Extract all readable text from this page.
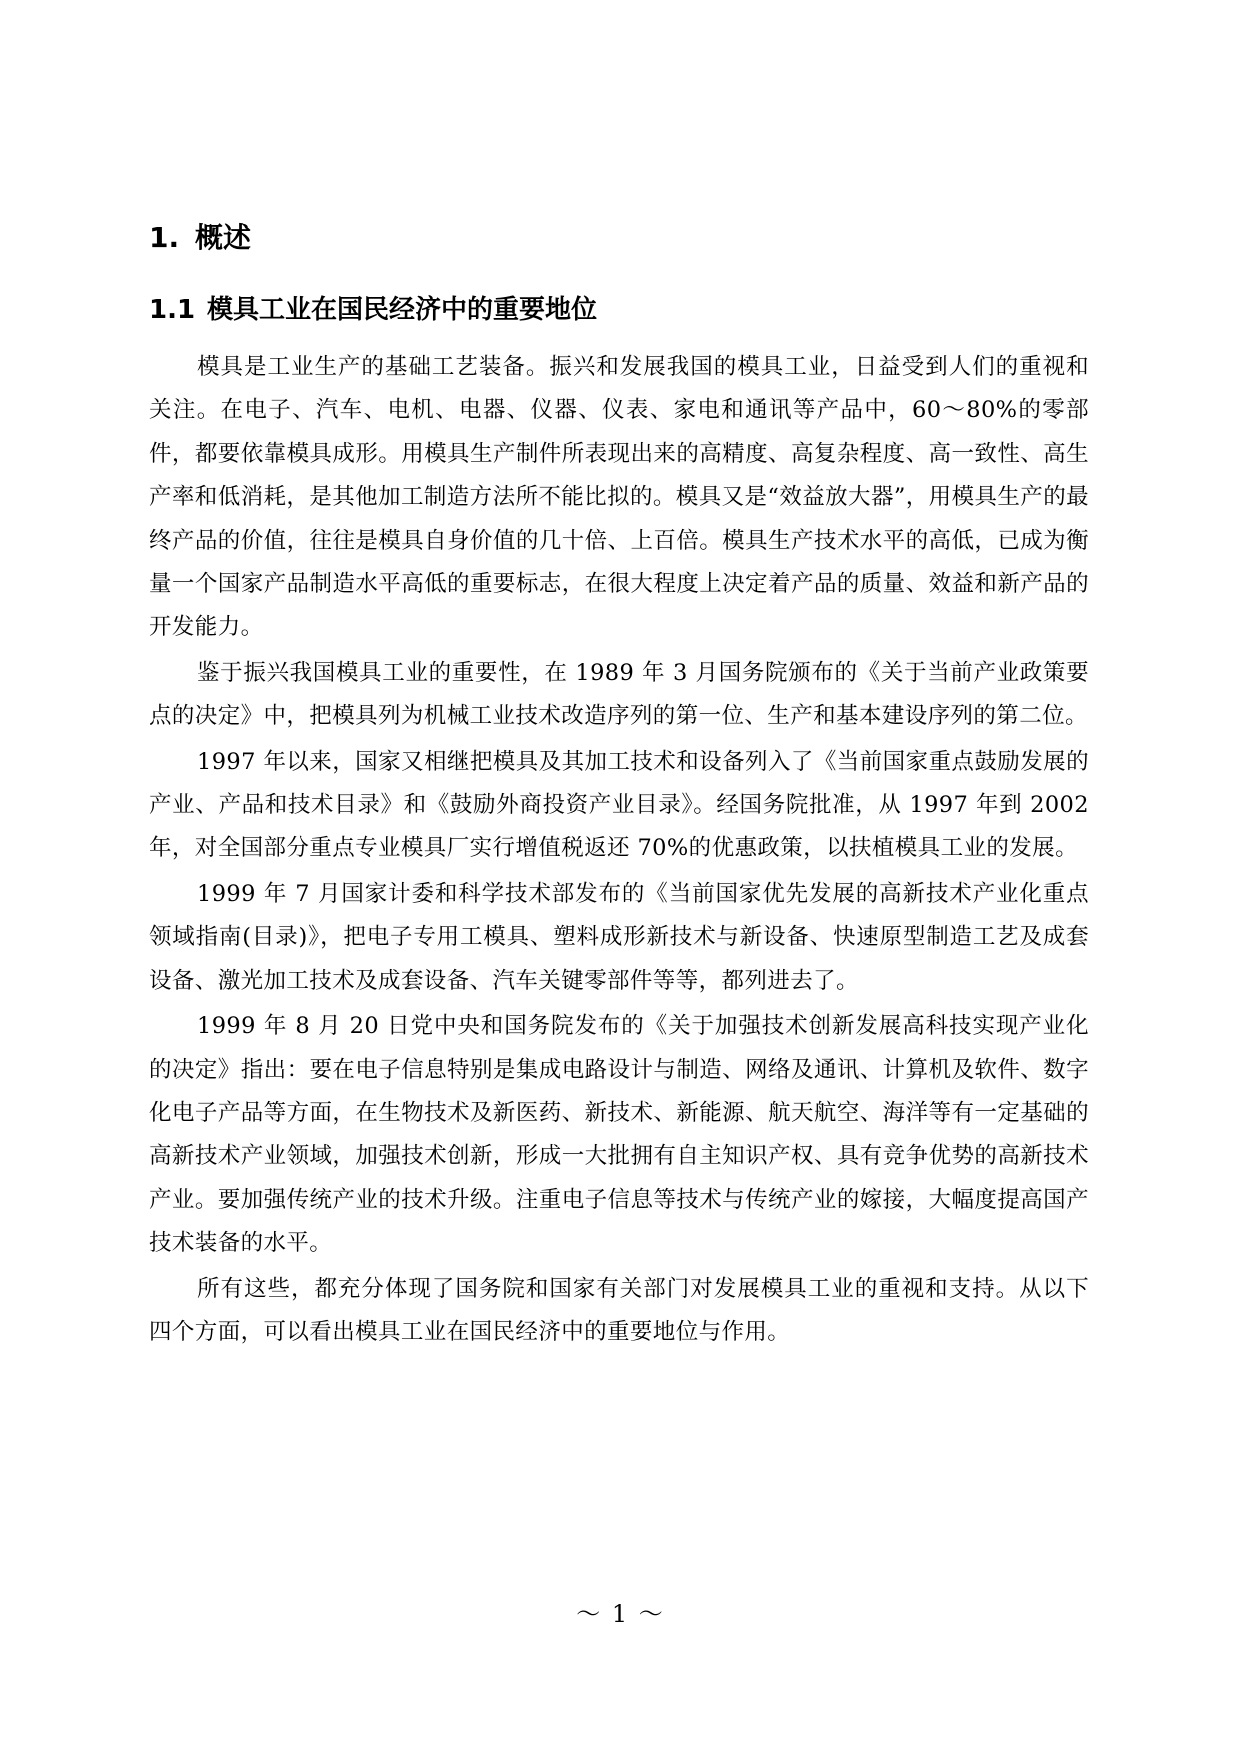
1. 概述
1.1 模具工业在国民经济中的重要地位

模具是工业生产的基础工艺装备。振兴和发展我国的模具工业，日益受到人们的重视和关注。在电子、汽车、电机、电器、仪器、仪表、家电和通讯等产品中，60～80%的零部件，都要依靠模具成形。用模具生产制件所表现出来的高精度、高复杂程度、高一致性、高生产率和低消耗，是其他加工制造方法所不能比拟的。模具又是“效益放大器”，用模具生产的最终产品的价值，往往是模具自身价值的几十倍、上百倍。模具生产技术水平的高低，已成为衡量一个国家产品制造水平高低的重要标志，在很大程度上决定着产品的质量、效益和新产品的开发能力。

鉴于振兴我国模具工业的重要性，在 1989 年 3 月国务院颁布的《关于当前产业政策要点的决定》中，把模具列为机械工业技术改造序列的第一位、生产和基本建设序列的第二位。

1997 年以来，国家又相继把模具及其加工技术和设备列入了《当前国家重点鼓励发展的产业、产品和技术目录》和《鼓励外商投资产业目录》。经国务院批准，从 1997 年到 2002 年，对全国部分重点专业模具厂实行增值税返还 70%的优惠政策，以扶植模具工业的发展。

1999 年 7 月国家计委和科学技术部发布的《当前国家优先发展的高新技术产业化重点领域指南(目录)》，把电子专用工模具、塑料成形新技术与新设备、快速原型制造工艺及成套设备、激光加工技术及成套设备、汽车关键零部件等等，都列进去了。

1999 年 8 月 20 日党中央和国务院发布的《关于加强技术创新发展高科技实现产业化的决定》指出：要在电子信息特别是集成电路设计与制造、网络及通讯、计算机及软件、数字化电子产品等方面，在生物技术及新医药、新技术、新能源、航天航空、海洋等有一定基础的高新技术产业领域，加强技术创新，形成一大批拥有自主知识产权、具有竞争优势的高新技术产业。要加强传统产业的技术升级。注重电子信息等技术与传统产业的嫁接，大幅度提高国产技术装备的水平。

所有这些，都充分体现了国务院和国家有关部门对发展模具工业的重视和支持。从以下四个方面，可以看出模具工业在国民经济中的重要地位与作用。

～ 1 ～
